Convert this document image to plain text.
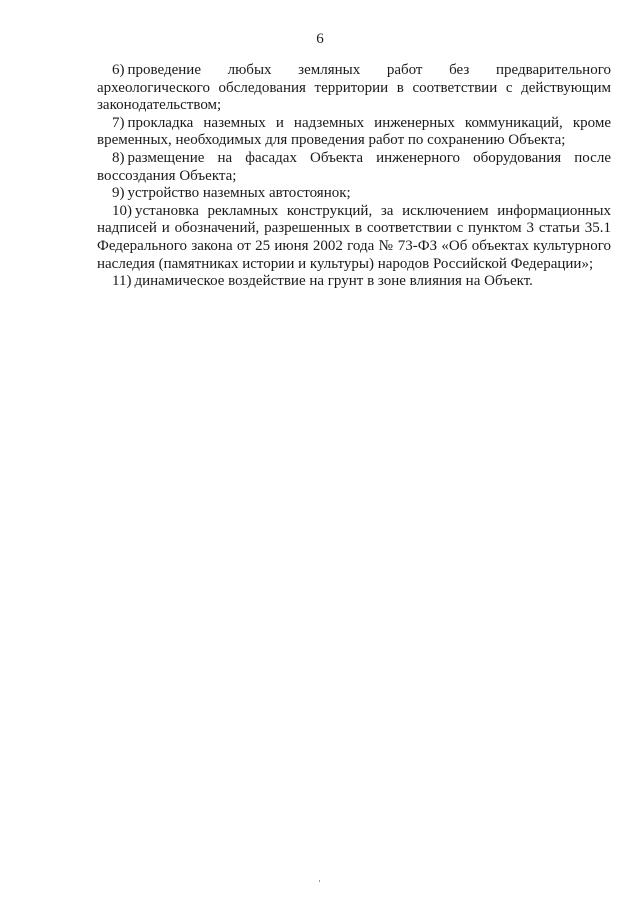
6

6) проведение любых земляных работ без предварительного археологического обследования территории в соответствии с действующим законодательством;

7) прокладка наземных и надземных инженерных коммуникаций, кроме временных, необходимых для проведения работ по сохранению Объекта;

8) размещение на фасадах Объекта инженерного оборудования после воссоздания Объекта;

9) устройство наземных автостоянок;

10) установка рекламных конструкций, за исключением информационных надписей и обозначений, разрешенных в соответствии с пунктом 3 статьи 35.1 Федерального закона от 25 июня 2002 года № 73-ФЗ «Об объектах культурного наследия (памятниках истории и культуры) народов Российской Федерации»;

11) динамическое воздействие на грунт в зоне влияния на Объект.
